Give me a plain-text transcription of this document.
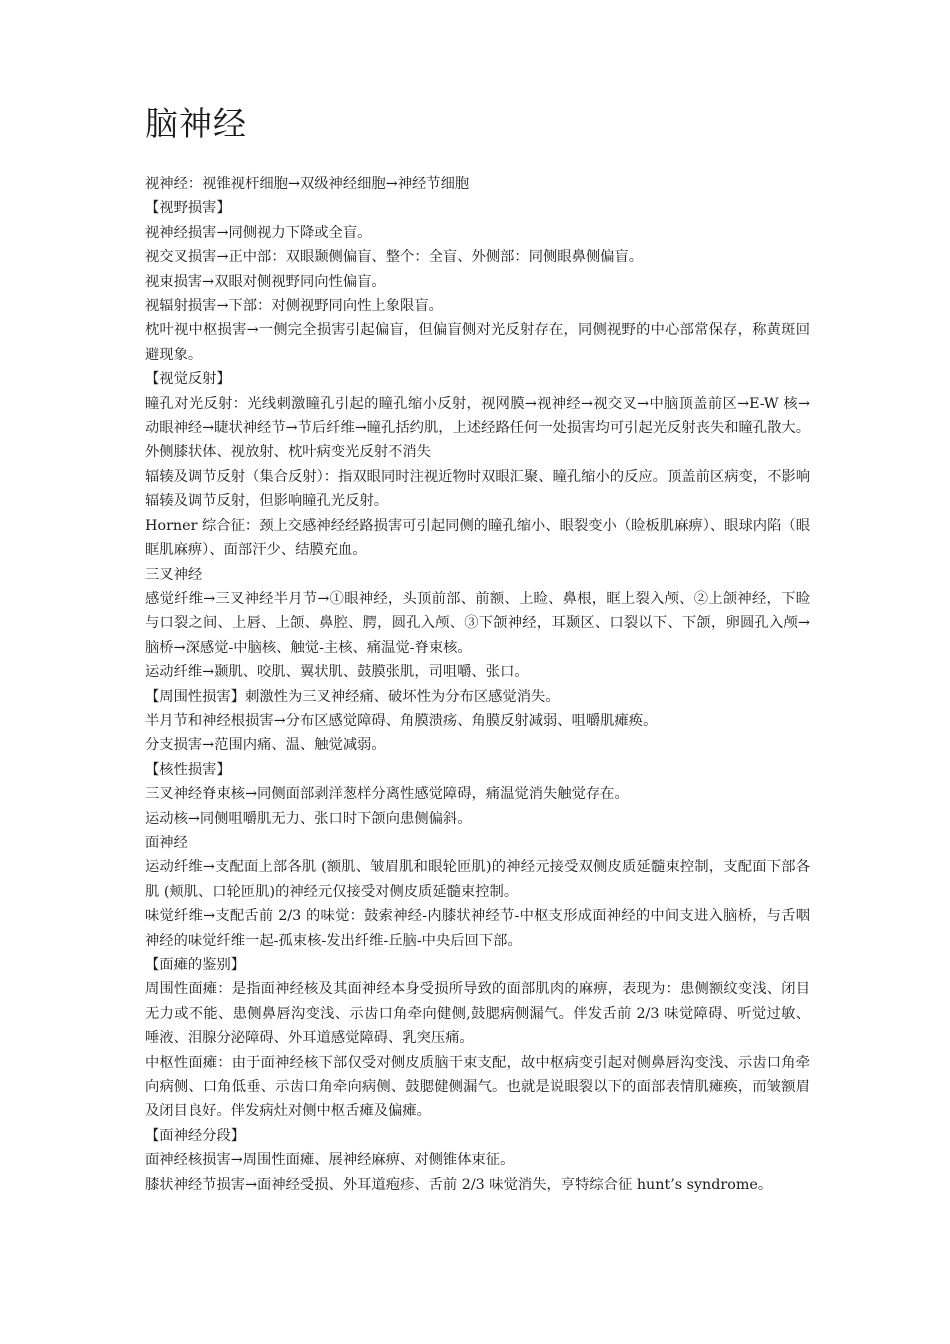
脑神经

视神经：视锥视杆细胞→双级神经细胞→神经节细胞

【视野损害】

视神经损害→同侧视力下降或全盲。

视交叉损害→正中部：双眼颞侧偏盲、整个：全盲、外侧部：同侧眼鼻侧偏盲。

视束损害→双眼对侧视野同向性偏盲。

视辐射损害→下部：对侧视野同向性上象限盲。

枕叶视中枢损害→一侧完全损害引起偏盲，但偏盲侧对光反射存在，同侧视野的中心部常保存，称黄斑回避现象。

【视觉反射】

瞳孔对光反射：光线刺激瞳孔引起的瞳孔缩小反射，视网膜→视神经→视交叉→中脑顶盖前区→E-W 核→动眼神经→睫状神经节→节后纤维→瞳孔括约肌，上述经路任何一处损害均可引起光反射丧失和瞳孔散大。外侧膝状体、视放射、枕叶病变光反射不消失

辐辏及调节反射（集合反射）：指双眼同时注视近物时双眼汇聚、瞳孔缩小的反应。顶盖前区病变，不影响辐辏及调节反射，但影响瞳孔光反射。

Horner 综合征：颈上交感神经经路损害可引起同侧的瞳孔缩小、眼裂变小（睑板肌麻痹）、眼球内陷（眼眶肌麻痹）、面部汗少、结膜充血。

三叉神经

感觉纤维→三叉神经半月节→①眼神经，头顶前部、前额、上睑、鼻根，眶上裂入颅、②上颌神经，下睑与口裂之间、上唇、上颌、鼻腔、腭，圆孔入颅、③下颌神经，耳颞区、口裂以下、下颌，卵圆孔入颅→脑桥→深感觉-中脑核、触觉-主核、痛温觉-脊束核。

运动纤维→颞肌、咬肌、翼状肌、鼓膜张肌，司咀嚼、张口。

【周围性损害】刺激性为三叉神经痛、破坏性为分布区感觉消失。

半月节和神经根损害→分布区感觉障碍、角膜溃疡、角膜反射减弱、咀嚼肌瘫痪。

分支损害→范围内痛、温、触觉减弱。

【核性损害】

三叉神经脊束核→同侧面部剥洋葱样分离性感觉障碍，痛温觉消失触觉存在。

运动核→同侧咀嚼肌无力、张口时下颌向患侧偏斜。

面神经

运动纤维→支配面上部各肌 (额肌、皱眉肌和眼轮匝肌)的神经元接受双侧皮质延髓束控制，支配面下部各肌 (颊肌、口轮匝肌)的神经元仅接受对侧皮质延髓束控制。

味觉纤维→支配舌前 2/3 的味觉：鼓索神经-内膝状神经节-中枢支形成面神经的中间支进入脑桥，与舌咽神经的味觉纤维一起-孤束核-发出纤维-丘脑-中央后回下部。

【面瘫的鉴别】

周围性面瘫：是指面神经核及其面神经本身受损所导致的面部肌肉的麻痹，表现为：患侧额纹变浅、闭目无力或不能、患侧鼻唇沟变浅、示齿口角牵向健侧,鼓腮病侧漏气。伴发舌前 2/3 味觉障碍、听觉过敏、唾液、泪腺分泌障碍、外耳道感觉障碍、乳突压痛。

中枢性面瘫：由于面神经核下部仅受对侧皮质脑干束支配，故中枢病变引起对侧鼻唇沟变浅、示齿口角牵向病侧、口角低垂、示齿口角牵向病侧、鼓腮健侧漏气。也就是说眼裂以下的面部表情肌瘫痪，而皱额眉及闭目良好。伴发病灶对侧中枢舌瘫及偏瘫。

【面神经分段】

面神经核损害→周围性面瘫、展神经麻痹、对侧锥体束征。

膝状神经节损害→面神经受损、外耳道疱疹、舌前 2/3 味觉消失，亨特综合征 hunt’s syndrome。
